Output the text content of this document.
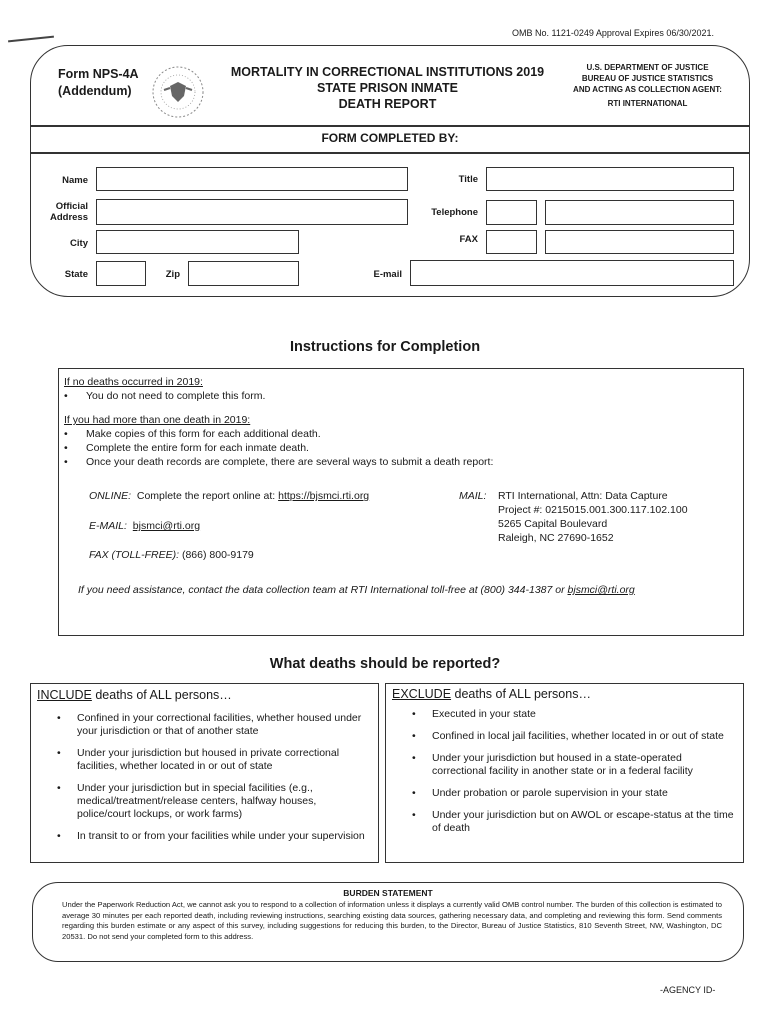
OMB No. 1121-0249 Approval Expires 06/30/2021.
Form NPS-4A
(Addendum)
MORTALITY IN CORRECTIONAL INSTITUTIONS 2019
STATE PRISON INMATE
DEATH REPORT
U.S. DEPARTMENT OF JUSTICE
BUREAU OF JUSTICE STATISTICS
AND ACTING AS COLLECTION AGENT:
RTI INTERNATIONAL
FORM COMPLETED BY:
Name
Official
Address
City
State	Zip
Title
Telephone
FAX
E-mail
Instructions for Completion
If no deaths occurred in 2019:
• You do not need to complete this form.
If you had more than one death in 2019:
• Make copies of this form for each additional death.
• Complete the entire form for each inmate death.
• Once your death records are complete, there are several ways to submit a death report:
ONLINE: Complete the report online at: https://bjsmci.rti.org
E-MAIL: bjsmci@rti.org
FAX (TOLL-FREE): (866) 800-9179
MAIL: RTI International, Attn: Data Capture
Project #: 0215015.001.300.117.102.100
5265 Capital Boulevard
Raleigh, NC 27690-1652
If you need assistance, contact the data collection team at RTI International toll-free at (800) 344-1387 or bjsmci@rti.org
What deaths should be reported?
INCLUDE deaths of ALL persons…
• Confined in your correctional facilities, whether housed under your jurisdiction or that of another state
• Under your jurisdiction but housed in private correctional facilities, whether located in or out of state
• Under your jurisdiction but in special facilities (e.g., medical/treatment/release centers, halfway houses, police/court lockups, or work farms)
• In transit to or from your facilities while under your supervision
EXCLUDE deaths of ALL persons…
• Executed in your state
• Confined in local jail facilities, whether located in or out of state
• Under your jurisdiction but housed in a state-operated correctional facility in another state or in a federal facility
• Under probation or parole supervision in your state
• Under your jurisdiction but on AWOL or escape-status at the time of death
BURDEN STATEMENT
Under the Paperwork Reduction Act, we cannot ask you to respond to a collection of information unless it displays a currently valid OMB control number. The burden of this collection is estimated to average 30 minutes per each reported death, including reviewing instructions, searching existing data sources, gathering necessary data, and completing and reviewing this form. Send comments regarding this burden estimate or any aspect of this survey, including suggestions for reducing this burden, to the Director, Bureau of Justice Statistics, 810 Seventh Street, NW, Washington, DC 20531. Do not send your completed form to this address.
-AGENCY ID-
